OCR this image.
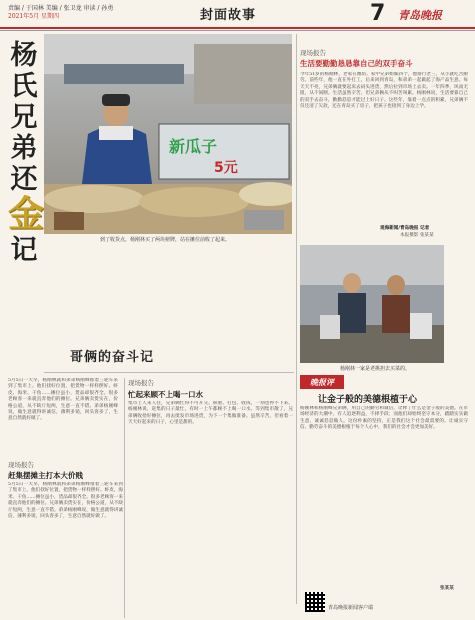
责编 / 于国林 美编 / 张卫龙 审读 / 孙勇
2021年5月 星期四	封面故事	7 青岛晚报
杨
氏
兄
弟
还
金
记
新瓜子
5元
到了收货点，杨刚林买了两块榜牌，站在摊位前收了起来。
现场报告
生活要勤勤恳恳靠自己的双手奋斗
今年51岁的杨刚林，老家在潍坊。家中兄弟姐妹四个，他排行老三，从小就吃苦耐劳。前些年，他一直在外打工，后来回到青岛，和弟弟一起做起了海产品生意。每天天不亮，兄弟俩就要起床去码头进货，然后拉到市场上去卖。一年四季，风雨无阻，从不间断。生活虽然辛苦，但兄弟俩从不叫苦叫累。杨刚林说，生活要靠自己的双手去奋斗，勤勤恳恳才能过上好日子。这些年，靠着一点点的积累，兄弟俩不仅还清了欠款，还在青岛买了房子，把孩子也接到了身边上学。
观海新闻/青岛晚报 记者
本报摄影 张某某
杨刚林一家是老挑担去买菜的。
哥俩的奋斗记
5月5日一大早，杨刚林就和弟弟杨刚峰推着三轮车来到了集市上。他们找好位置，把货物一样样摆好。虾皮、海米、干鱼……摊位虽小，货品却很齐全。很多老顾客一来就直奔他们的摊位。兄弟俩卖货实在，价格公道，从不缺斤短两，生意一直不错。弟弟杨刚峰说，做生意就得讲诚信，薄利多销，回头客多了，生意自然就好做了。
现场报告
赶集摆摊主打本大价贱
5月5日一大早，杨刚林就和弟弟杨刚峰推着三轮车来到了集市上。他们找好位置，把货物一样样摆好。虾皮、海米、干鱼……摊位虽小，货品却很齐全。很多老顾客一来就直奔他们的摊位。兄弟俩卖货实在，价格公道，从不缺斤短两，生意一直不错。弟弟杨刚峰说，做生意就得讲诚信，薄利多销，回头客多了，生意自然就好做了。
现场报告
忙起来顾不上喝一口水
集市上人来人往，兄弟俩忙得不可开交。称重、打包、收钱，一刻也停不下来。杨刚林说，赶集的日子最忙，有时一上午都顾不上喝一口水。等到集市散了，兄弟俩收拾好摊位，再去批发市场进货，为下一个集做准备。虽然辛苦，但看着一天天好起来的日子，心里是甜的。
晚报评
让金子般的美德根植于心
杨刚林和杨刚峰兄弟俩，用自己的勤劳和诚信，诠释了什么是金子般的美德。在市场经济的大潮中，有人追逐利益，不择手段；而他们却始终坚守本分，踏踏实实做生意，诚诚恳恳做人。这份朴素的坚持，正是我们这个社会最需要的。让诚实守信、勤劳奋斗的美德根植于每个人心中，我们的社会才会更加美好。
张某某
青岛晚报新闻客户端
